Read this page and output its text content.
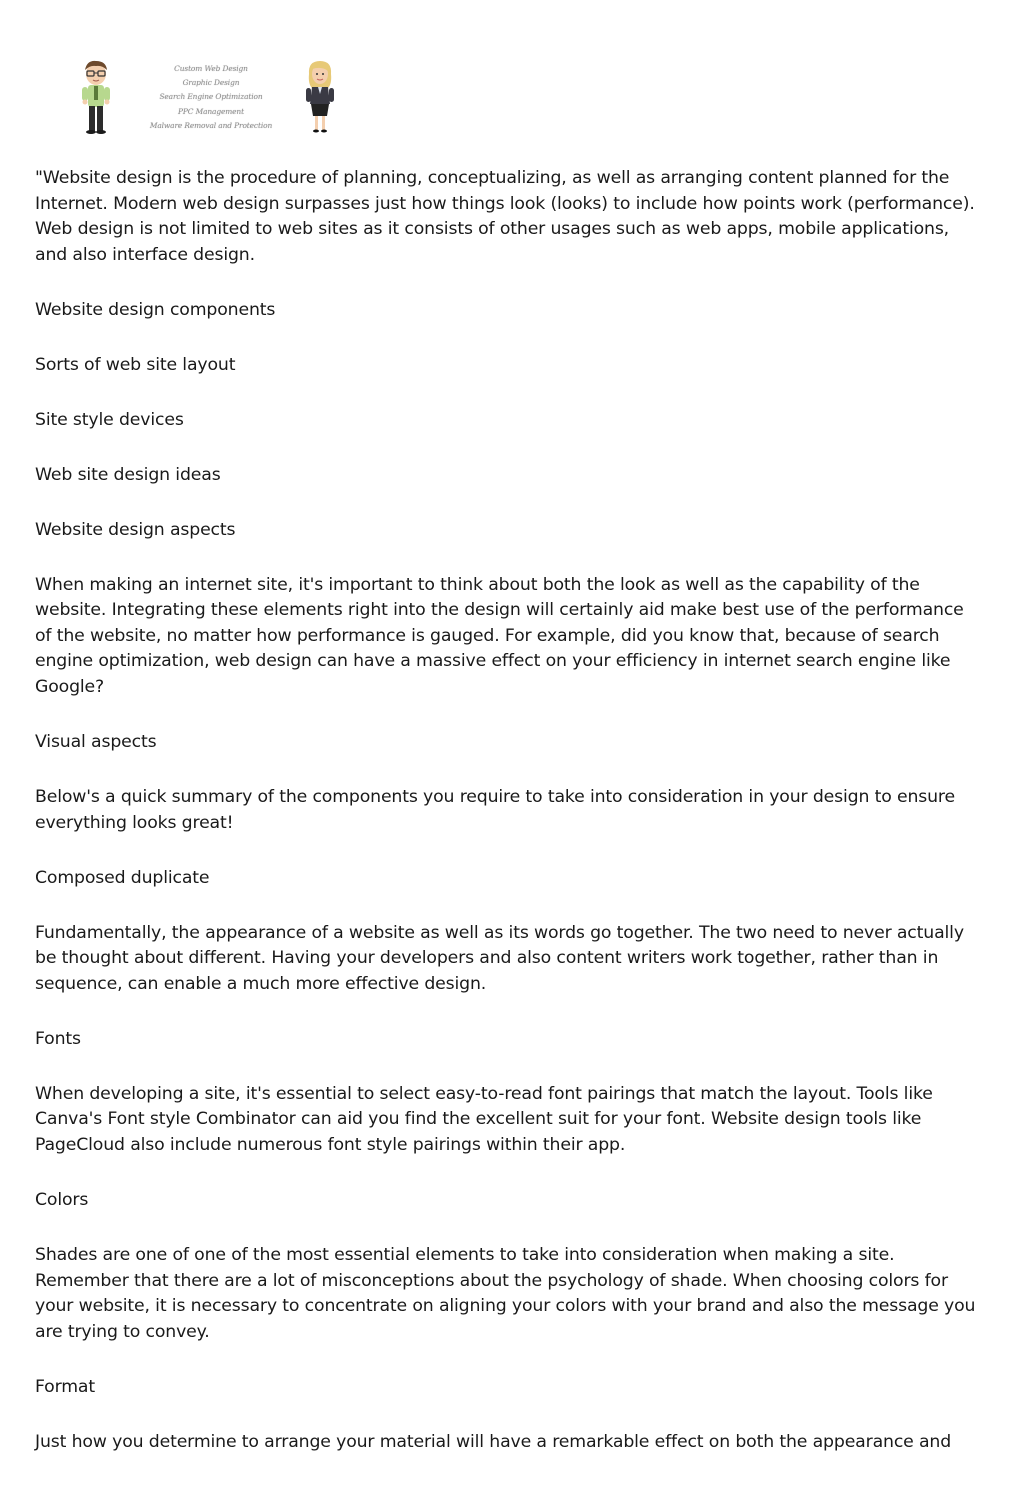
Custom Web Design
Graphic Design
Search Engine Optimization
PPC Management
Malware Removal and Protection

"Website design is the procedure of planning, conceptualizing, as well as arranging content planned for the Internet. Modern web design surpasses just how things look (looks) to include how points work (performance). Web design is not limited to web sites as it consists of other usages such as web apps, mobile applications, and also interface design.

Website design components

Sorts of web site layout

Site style devices

Web site design ideas

Website design aspects

When making an internet site, it's important to think about both the look as well as the capability of the website. Integrating these elements right into the design will certainly aid make best use of the performance of the website, no matter how performance is gauged. For example, did you know that, because of search engine optimization, web design can have a massive effect on your efficiency in internet search engine like Google?

Visual aspects

Below's a quick summary of the components you require to take into consideration in your design to ensure everything looks great!

Composed duplicate

Fundamentally, the appearance of a website as well as its words go together. The two need to never actually be thought about different. Having your developers and also content writers work together, rather than in sequence, can enable a much more effective design.

Fonts

When developing a site, it's essential to select easy-to-read font pairings that match the layout. Tools like Canva's Font style Combinator can aid you find the excellent suit for your font. Website design tools like PageCloud also include numerous font style pairings within their app.

Colors

Shades are one of one of the most essential elements to take into consideration when making a site. Remember that there are a lot of misconceptions about the psychology of shade. When choosing colors for your website, it is necessary to concentrate on aligning your colors with your brand and also the message you are trying to convey.

Format

Just how you determine to arrange your material will have a remarkable effect on both the appearance and
